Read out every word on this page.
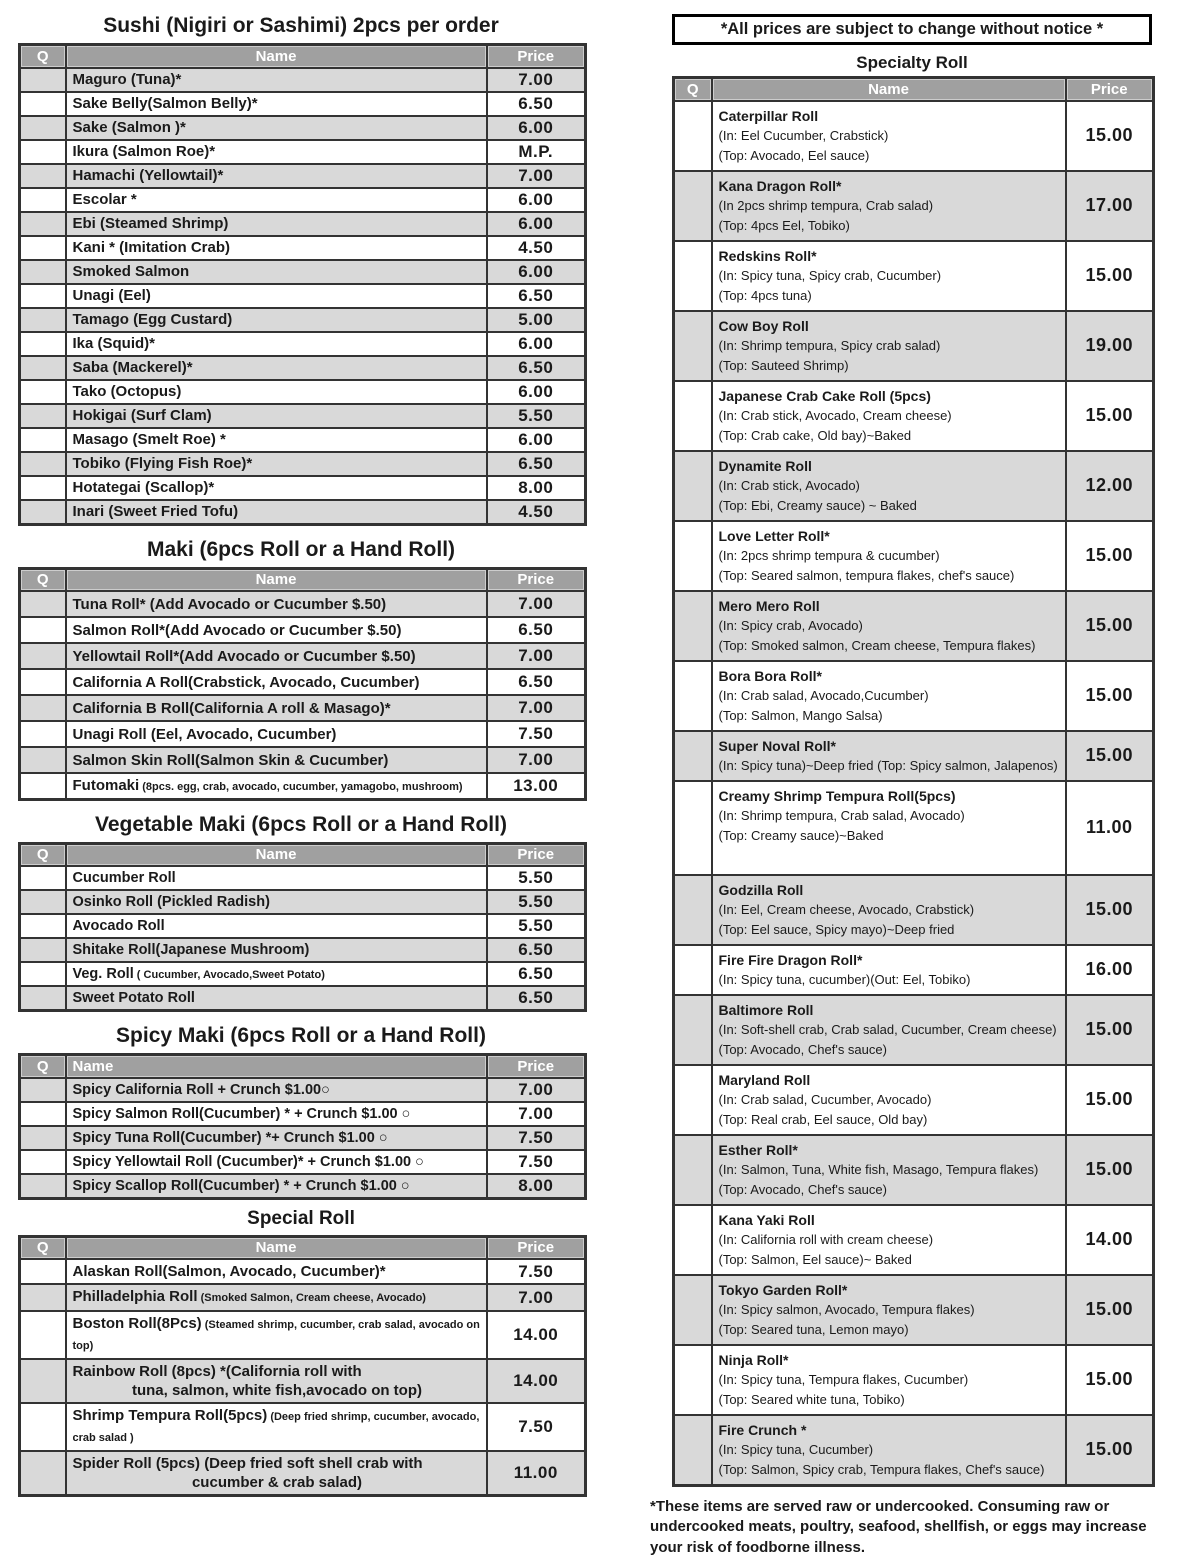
Sushi (Nigiri or Sashimi) 2pcs per order
Q	Name	Price
	Maguro (Tuna)*	7.00
	Sake Belly(Salmon Belly)*	6.50
	Sake (Salmon )*	6.00
	Ikura (Salmon Roe)*	M.P.
	Hamachi (Yellowtail)*	7.00
	Escolar *	6.00
	Ebi (Steamed Shrimp)	6.00
	Kani * (Imitation Crab)	4.50
	Smoked Salmon	6.00
	Unagi (Eel)	6.50
	Tamago (Egg Custard)	5.00
	Ika (Squid)*	6.00
	Saba (Mackerel)*	6.50
	Tako (Octopus)	6.00
	Hokigai (Surf Clam)	5.50
	Masago (Smelt Roe) *	6.00
	Tobiko (Flying Fish Roe)*	6.50
	Hotategai (Scallop)*	8.00
	Inari (Sweet Fried Tofu)	4.50
Maki (6pcs Roll or a Hand Roll)
Q	Name	Price
	Tuna Roll* (Add Avocado or Cucumber $.50)	7.00
	Salmon Roll*(Add Avocado or Cucumber $.50)	6.50
	Yellowtail Roll*(Add Avocado or Cucumber $.50)	7.00
	California A Roll(Crabstick, Avocado, Cucumber)	6.50
	California B Roll(California A roll & Masago)*	7.00
	Unagi Roll (Eel, Avocado, Cucumber)	7.50
	Salmon Skin Roll(Salmon Skin & Cucumber)	7.00
	Futomaki (8pcs. egg, crab, avocado, cucumber, yamagobo, mushroom)	13.00
Vegetable Maki (6pcs Roll or a Hand Roll)
Q	Name	Price
	Cucumber Roll	5.50
	Osinko Roll (Pickled Radish)	5.50
	Avocado Roll	5.50
	Shitake Roll(Japanese Mushroom)	6.50
	Veg. Roll ( Cucumber, Avocado,Sweet Potato)	6.50
	Sweet Potato Roll	6.50
Spicy Maki (6pcs Roll or a Hand Roll)
Q	Name	Price
	Spicy California Roll + Crunch $1.00○	7.00
	Spicy Salmon Roll(Cucumber) * + Crunch $1.00 ○	7.00
	Spicy Tuna Roll(Cucumber) *+ Crunch $1.00 ○	7.50
	Spicy Yellowtail Roll (Cucumber)* + Crunch $1.00 ○	7.50
	Spicy Scallop Roll(Cucumber) * + Crunch $1.00 ○	8.00
Special Roll
Q	Name	Price
	Alaskan Roll(Salmon, Avocado, Cucumber)*	7.50
	Philladelphia Roll (Smoked Salmon, Cream cheese, Avocado)	7.00
	Boston Roll(8Pcs) (Steamed shrimp, cucumber, crab salad, avocado on top)	14.00
	Rainbow Roll (8pcs) *(California roll with
tuna, salmon, white fish,avocado on top)	14.00
	Shrimp Tempura Roll(5pcs) (Deep fried shrimp, cucumber, avocado, crab salad )	7.50
	Spider Roll (5pcs) (Deep fried soft shell crab with
cucumber & crab salad)	11.00
*All prices are subject to change without notice *
Specialty Roll
Q	Name	Price

	Caterpillar Roll
(In: Eel Cucumber, Crabstick)
(Top: Avocado, Eel sauce)	15.00

	Kana Dragon Roll*
(In 2pcs shrimp tempura, Crab salad)
(Top: 4pcs Eel, Tobiko)	17.00

	Redskins Roll*
(In: Spicy tuna, Spicy crab, Cucumber)
(Top: 4pcs tuna)	15.00

	Cow Boy Roll
(In: Shrimp tempura, Spicy crab salad)
(Top: Sauteed Shrimp)	19.00

	Japanese Crab Cake Roll (5pcs)
(In: Crab stick, Avocado, Cream cheese)
(Top: Crab cake, Old bay)~Baked	15.00

	Dynamite Roll
(In: Crab stick, Avocado)
(Top: Ebi, Creamy sauce) ~ Baked	12.00

	Love Letter Roll*
(In: 2pcs shrimp tempura & cucumber)
(Top: Seared salmon, tempura flakes, chef's sauce)	15.00

	Mero Mero Roll
(In: Spicy crab, Avocado)
(Top: Smoked salmon, Cream cheese, Tempura flakes)	15.00

	Bora Bora Roll*
(In: Crab salad, Avocado,Cucumber)
(Top: Salmon, Mango Salsa)	15.00

	Super Noval Roll*
(In: Spicy tuna)~Deep fried (Top: Spicy salmon, Jalapenos)	15.00

	Creamy Shrimp Tempura Roll(5pcs)
(In: Shrimp tempura, Crab salad, Avocado)
(Top: Creamy sauce)~Baked	11.00

	Godzilla Roll
(In: Eel, Cream cheese, Avocado, Crabstick)
(Top: Eel sauce, Spicy mayo)~Deep fried	15.00

	Fire Fire Dragon Roll*
(In: Spicy tuna, cucumber)(Out: Eel, Tobiko)	16.00

	Baltimore Roll
(In: Soft-shell crab, Crab salad, Cucumber, Cream cheese)
(Top: Avocado, Chef's sauce)	15.00

	Maryland Roll
(In: Crab salad, Cucumber, Avocado)
(Top: Real crab, Eel sauce, Old bay)	15.00

	Esther Roll*
(In: Salmon, Tuna, White fish, Masago, Tempura flakes)(Top: Avocado, Chef's sauce)	15.00

	Kana Yaki Roll
(In: California roll with cream cheese)
(Top: Salmon, Eel sauce)~ Baked	14.00

	Tokyo Garden Roll*
(In: Spicy salmon, Avocado, Tempura flakes)
(Top: Seared tuna, Lemon mayo)	15.00

	Ninja Roll*
(In: Spicy tuna, Tempura flakes, Cucumber)
(Top: Seared white tuna, Tobiko)	15.00

	Fire Crunch *
(In: Spicy tuna, Cucumber)
(Top: Salmon, Spicy crab, Tempura flakes, Chef's sauce)	15.00
*These items are served raw or undercooked. Consuming raw or undercooked meats, poultry, seafood, shellfish, or eggs may increase your risk of foodborne illness.
